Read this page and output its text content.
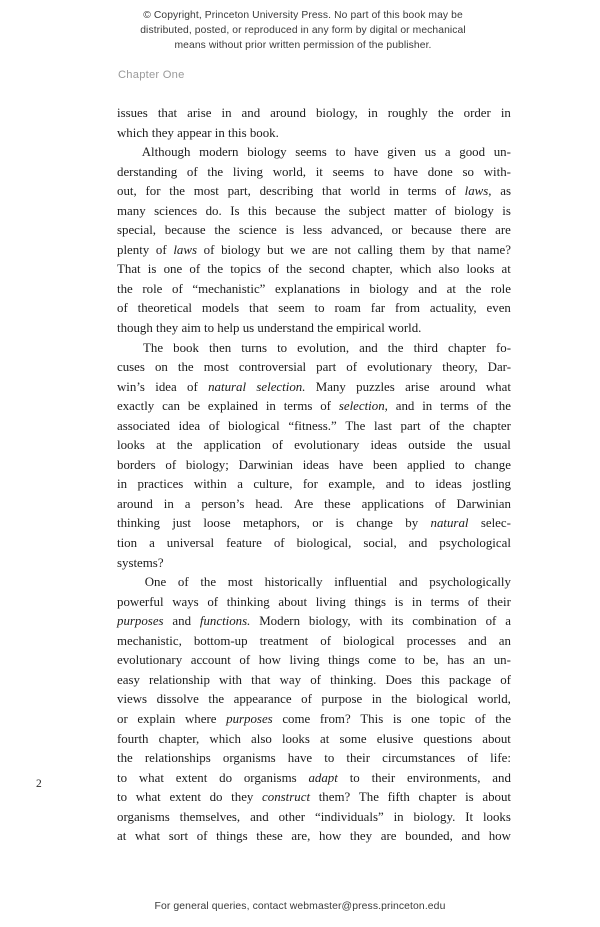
© Copyright, Princeton University Press. No part of this book may be
distributed, posted, or reproduced in any form by digital or mechanical
means without prior written permission of the publisher.
Chapter One

issues that arise in and around biology, in roughly the order in
which they appear in this book.

Although modern biology seems to have given us a good un-
derstanding of the living world, it seems to have done so with-
out, for the most part, describing that world in terms of laws, as
many sciences do. Is this because the subject matter of biology is
special, because the science is less advanced, or because there are
plenty of laws of biology but we are not calling them by that name?
That is one of the topics of the second chapter, which also looks at
the role of “mechanistic” explanations in biology and at the role
of theoretical models that seem to roam far from actuality, even
though they aim to help us understand the empirical world.

The book then turns to evolution, and the third chapter fo-
cuses on the most controversial part of evolutionary theory, Dar-
win’s idea of natural selection. Many puzzles arise around what
exactly can be explained in terms of selection, and in terms of the
associated idea of biological “fitness.” The last part of the chapter
looks at the application of evolutionary ideas outside the usual
borders of biology; Darwinian ideas have been applied to change
in practices within a culture, for example, and to ideas jostling
around in a person’s head. Are these applications of Darwinian
thinking just loose metaphors, or is change by natural selec-
tion a universal feature of biological, social, and psychological
systems?

One of the most historically influential and psychologically
powerful ways of thinking about living things is in terms of their
purposes and functions. Modern biology, with its combination of a
mechanistic, bottom-up treatment of biological processes and an
evolutionary account of how living things come to be, has an un-
easy relationship with that way of thinking. Does this package of
views dissolve the appearance of purpose in the biological world,
or explain where purposes come from? This is one topic of the
fourth chapter, which also looks at some elusive questions about
the relationships organisms have to their circumstances of life:
to what extent do organisms adapt to their environments, and
to what extent do they construct them? The fifth chapter is about
organisms themselves, and other “individuals” in biology. It looks
at what sort of things these are, how they are bounded, and how

2
For general queries, contact webmaster@press.princeton.edu
